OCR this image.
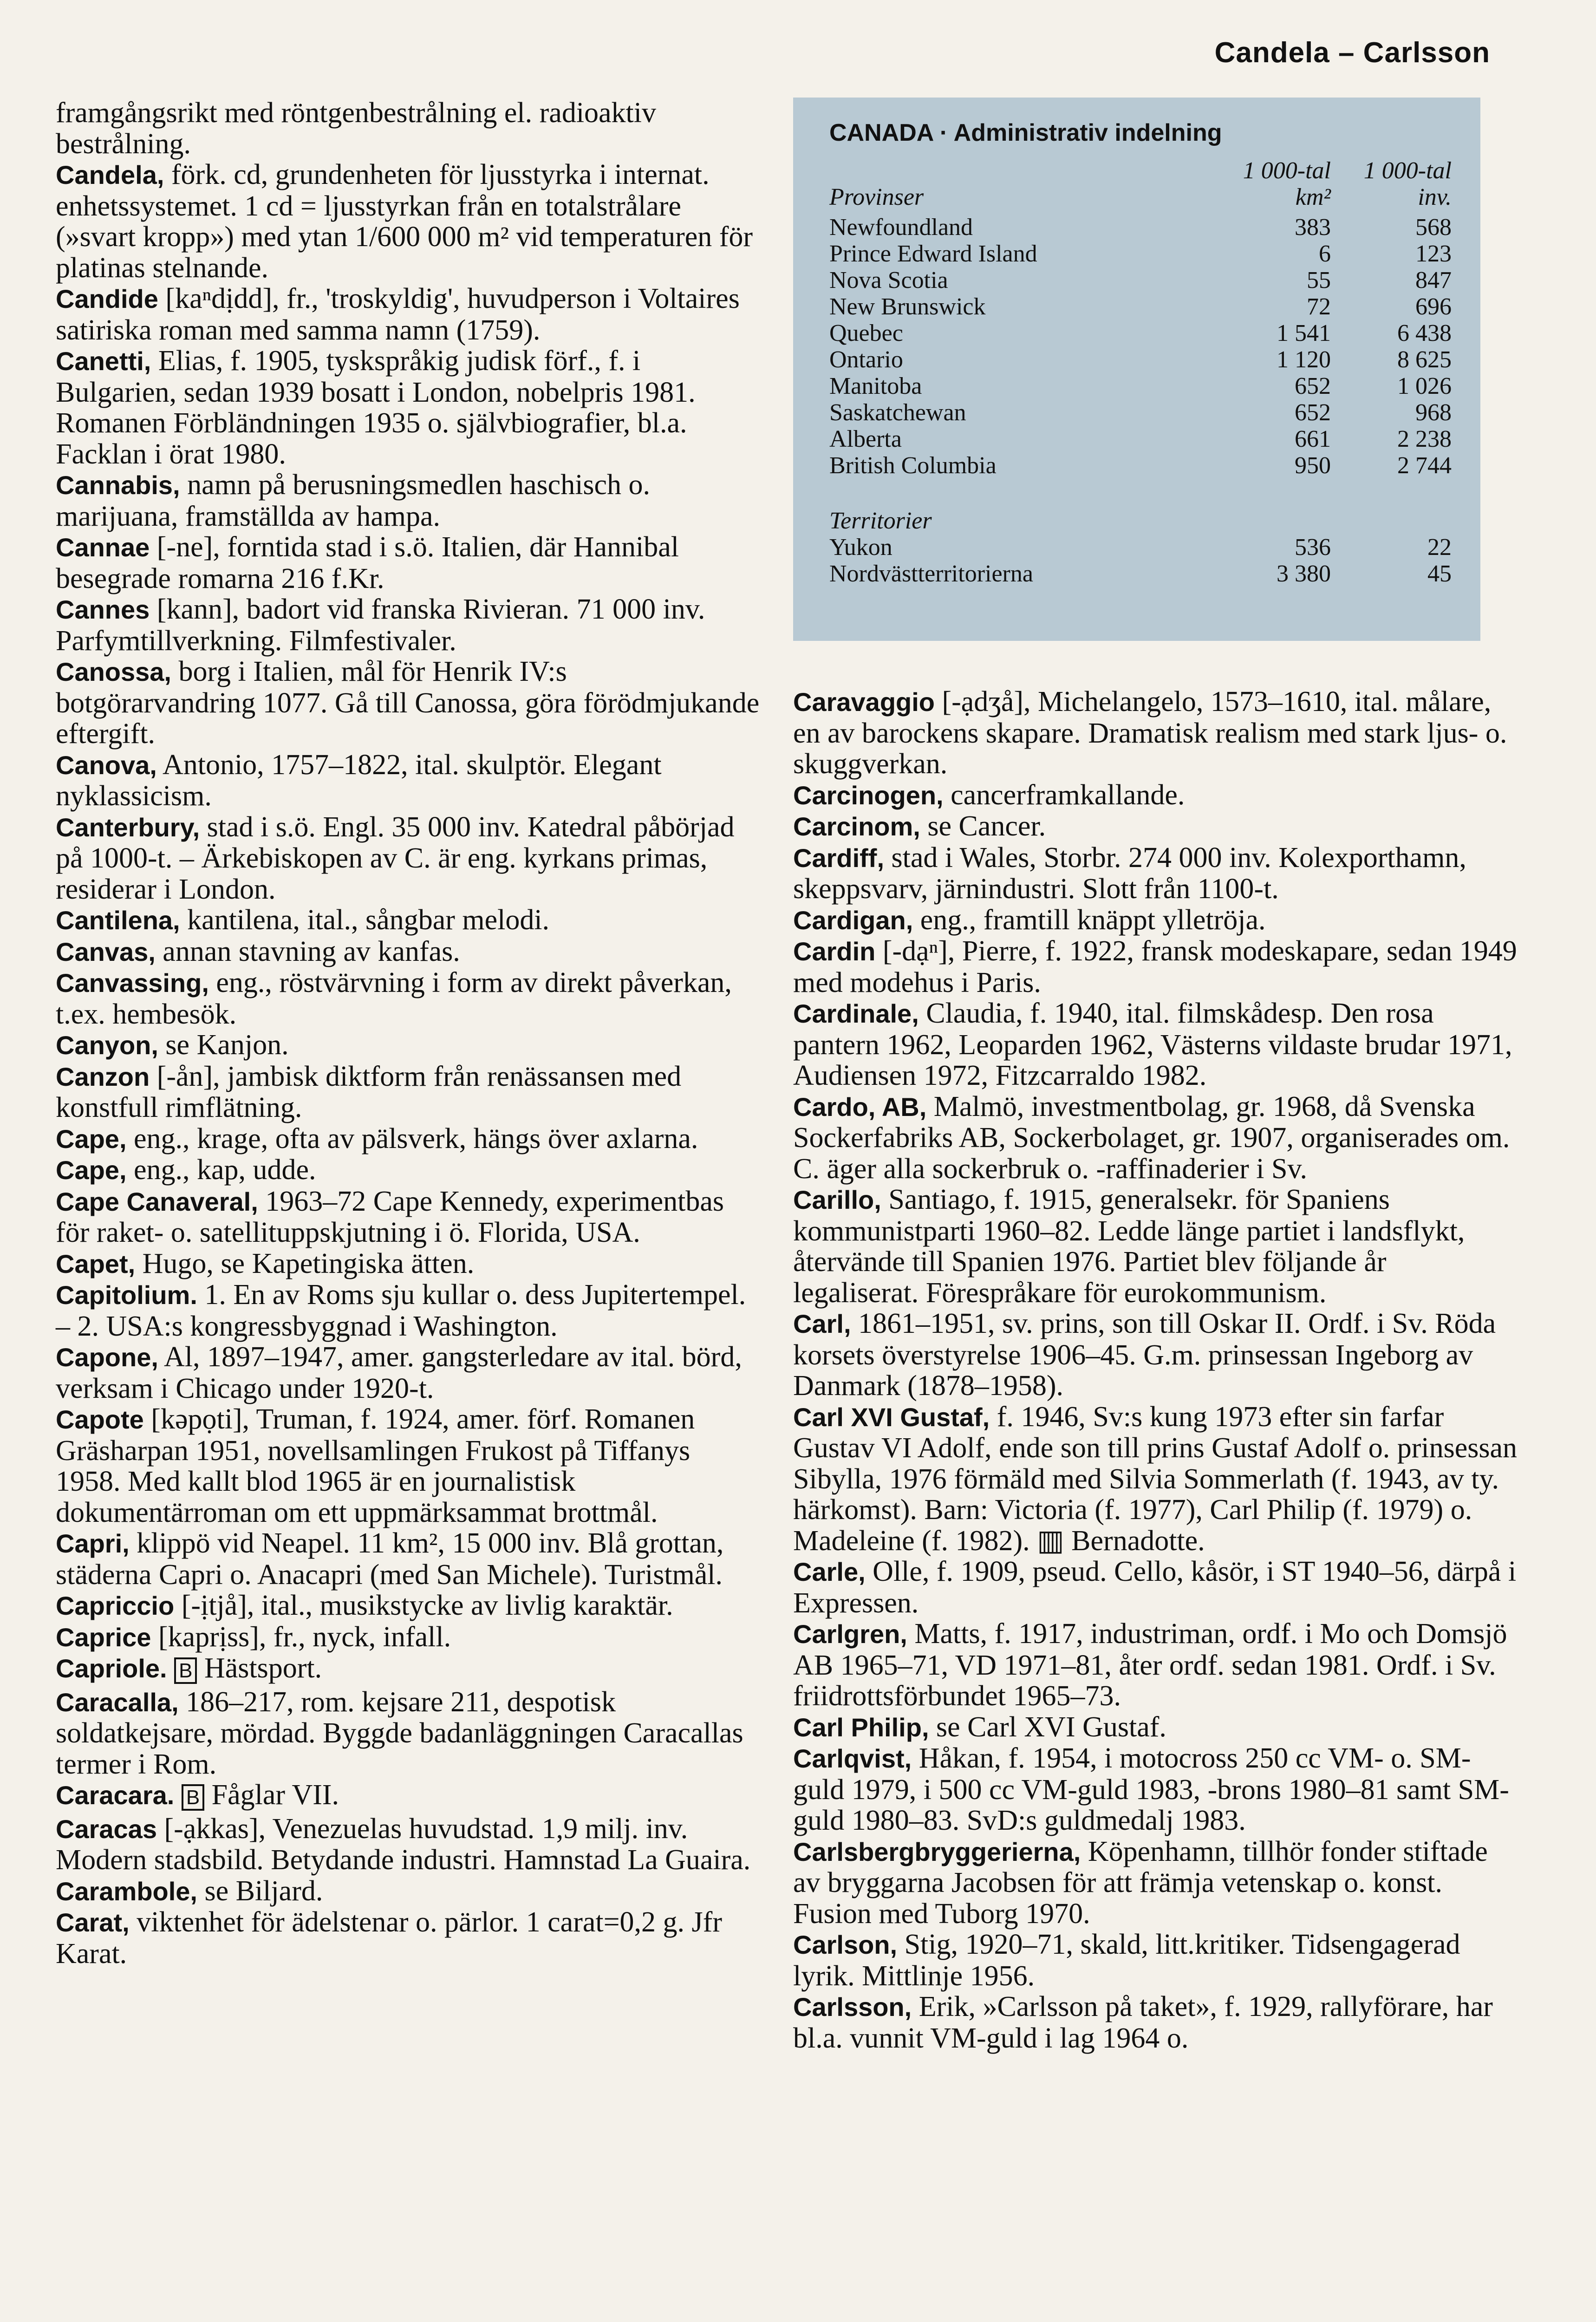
Candela – Carlsson

framgångsrikt med röntgenbestrålning el. radioaktiv bestrålning.

Candela, förk. cd, grundenheten för ljusstyrka i internat. enhetssystemet. 1 cd = ljusstyrkan från en totalstrålare (»svart kropp») med ytan 1/600 000 m² vid temperaturen för platinas stelnande.

Candide [kaⁿdịdd], fr., 'troskyldig', huvudperson i Voltaires satiriska roman med samma namn (1759).

Canetti, Elias, f. 1905, tyskspråkig judisk förf., f. i Bulgarien, sedan 1939 bosatt i London, nobelpris 1981. Romanen Förbländningen 1935 o. självbiografier, bl.a. Facklan i örat 1980.

Cannabis, namn på berusningsmedlen haschisch o. marijuana, framställda av hampa.

Cannae [-ne], forntida stad i s.ö. Italien, där Hannibal besegrade romarna 216 f.Kr.

Cannes [kann], badort vid franska Rivieran. 71 000 inv. Parfymtillverkning. Filmfestivaler.

Canossa, borg i Italien, mål för Henrik IV:s botgörarvandring 1077. Gå till Canossa, göra förödmjukande eftergift.

Canova, Antonio, 1757–1822, ital. skulptör. Elegant nyklassicism.

Canterbury, stad i s.ö. Engl. 35 000 inv. Katedral påbörjad på 1000-t. – Ärkebiskopen av C. är eng. kyrkans primas, residerar i London.

Cantilena, kantilena, ital., sångbar melodi.

Canvas, annan stavning av kanfas.

Canvassing, eng., röstvärvning i form av direkt påverkan, t.ex. hembesök.

Canyon, se Kanjon.

Canzon [-ån], jambisk diktform från renässansen med konstfull rimflätning.

Cape, eng., krage, ofta av pälsverk, hängs över axlarna.

Cape, eng., kap, udde.

Cape Canaveral, 1963–72 Cape Kennedy, experimentbas för raket- o. satellituppskjutning i ö. Florida, USA.

Capet, Hugo, se Kapetingiska ätten.

Capitolium. 1. En av Roms sju kullar o. dess Jupitertempel. – 2. USA:s kongressbyggnad i Washington.

Capone, Al, 1897–1947, amer. gangsterledare av ital. börd, verksam i Chicago under 1920-t.

Capote [kəpọti], Truman, f. 1924, amer. förf. Romanen Gräsharpan 1951, novellsamlingen Frukost på Tiffanys 1958. Med kallt blod 1965 är en journalistisk dokumentärroman om ett uppmärksammat brottmål.

Capri, klippö vid Neapel. 11 km², 15 000 inv. Blå grottan, städerna Capri o. Anacapri (med San Michele). Turistmål.

Capriccio [-ịtjå], ital., musikstycke av livlig karaktär.

Caprice [kaprịss], fr., nyck, infall.

Capriole. B Hästsport.

Caracalla, 186–217, rom. kejsare 211, despotisk soldatkejsare, mördad. Byggde badanläggningen Caracallas termer i Rom.

Caracara. B Fåglar VII.

Caracas [-ạkkas], Venezuelas huvudstad. 1,9 milj. inv. Modern stadsbild. Betydande industri. Hamnstad La Guaira.

Carambole, se Biljard.

Carat, viktenhet för ädelstenar o. pärlor. 1 carat=0,2 g. Jfr Karat.

CANADA · Administrativ indelning
1 000-tal	1 000-tal
Provinser	km²	inv.
Newfoundland	383	568
Prince Edward Island	6	123
Nova Scotia	55	847
New Brunswick	72	696
Quebec	1 541	6 438
Ontario	1 120	8 625
Manitoba	652	1 026
Saskatchewan	652	968
Alberta	661	2 238
British Columbia	950	2 744
Territorier
Yukon	536	22
Nordvästterritorierna	3 380	45

Caravaggio [-ạdʒå], Michelangelo, 1573–1610, ital. målare, en av barockens skapare. Dramatisk realism med stark ljus- o. skuggverkan.

Carcinogen, cancerframkallande.

Carcinom, se Cancer.

Cardiff, stad i Wales, Storbr. 274 000 inv. Kolexporthamn, skeppsvarv, järnindustri. Slott från 1100-t.

Cardigan, eng., framtill knäppt ylletröja.

Cardin [-dạⁿ], Pierre, f. 1922, fransk modeskapare, sedan 1949 med modehus i Paris.

Cardinale, Claudia, f. 1940, ital. filmskådesp. Den rosa pantern 1962, Leoparden 1962, Västerns vildaste brudar 1971, Audiensen 1972, Fitzcarraldo 1982.

Cardo, AB, Malmö, investmentbolag, gr. 1968, då Svenska Sockerfabriks AB, Sockerbolaget, gr. 1907, organiserades om. C. äger alla sockerbruk o. -raffinaderier i Sv.

Carillo, Santiago, f. 1915, generalsekr. för Spaniens kommunistparti 1960–82. Ledde länge partiet i landsflykt, återvände till Spanien 1976. Partiet blev följande år legaliserat. Förespråkare för eurokommunism.

Carl, 1861–1951, sv. prins, son till Oskar II. Ordf. i Sv. Röda korsets överstyrelse 1906–45. G.m. prinsessan Ingeborg av Danmark (1878–1958).

Carl XVI Gustaf, f. 1946, Sv:s kung 1973 efter sin farfar Gustav VI Adolf, ende son till prins Gustaf Adolf o. prinsessan Sibylla, 1976 förmäld med Silvia Sommerlath (f. 1943, av ty. härkomst). Barn: Victoria (f. 1977), Carl Philip (f. 1979) o. Madeleine (f. 1982). ▥ Bernadotte.

Carle, Olle, f. 1909, pseud. Cello, kåsör, i ST 1940–56, därpå i Expressen.

Carlgren, Matts, f. 1917, industriman, ordf. i Mo och Domsjö AB 1965–71, VD 1971–81, åter ordf. sedan 1981. Ordf. i Sv. friidrottsförbundet 1965–73.

Carl Philip, se Carl XVI Gustaf.

Carlqvist, Håkan, f. 1954, i motocross 250 cc VM- o. SM-guld 1979, i 500 cc VM-guld 1983, -brons 1980–81 samt SM-guld 1980–83. SvD:s guldmedalj 1983.

Carlsbergbryggerierna, Köpenhamn, tillhör fonder stiftade av bryggarna Jacobsen för att främja vetenskap o. konst. Fusion med Tuborg 1970.

Carlson, Stig, 1920–71, skald, litt.kritiker. Tidsengagerad lyrik. Mittlinje 1956.

Carlsson, Erik, »Carlsson på taket», f. 1929, rallyförare, har bl.a. vunnit VM-guld i lag 1964 o.
